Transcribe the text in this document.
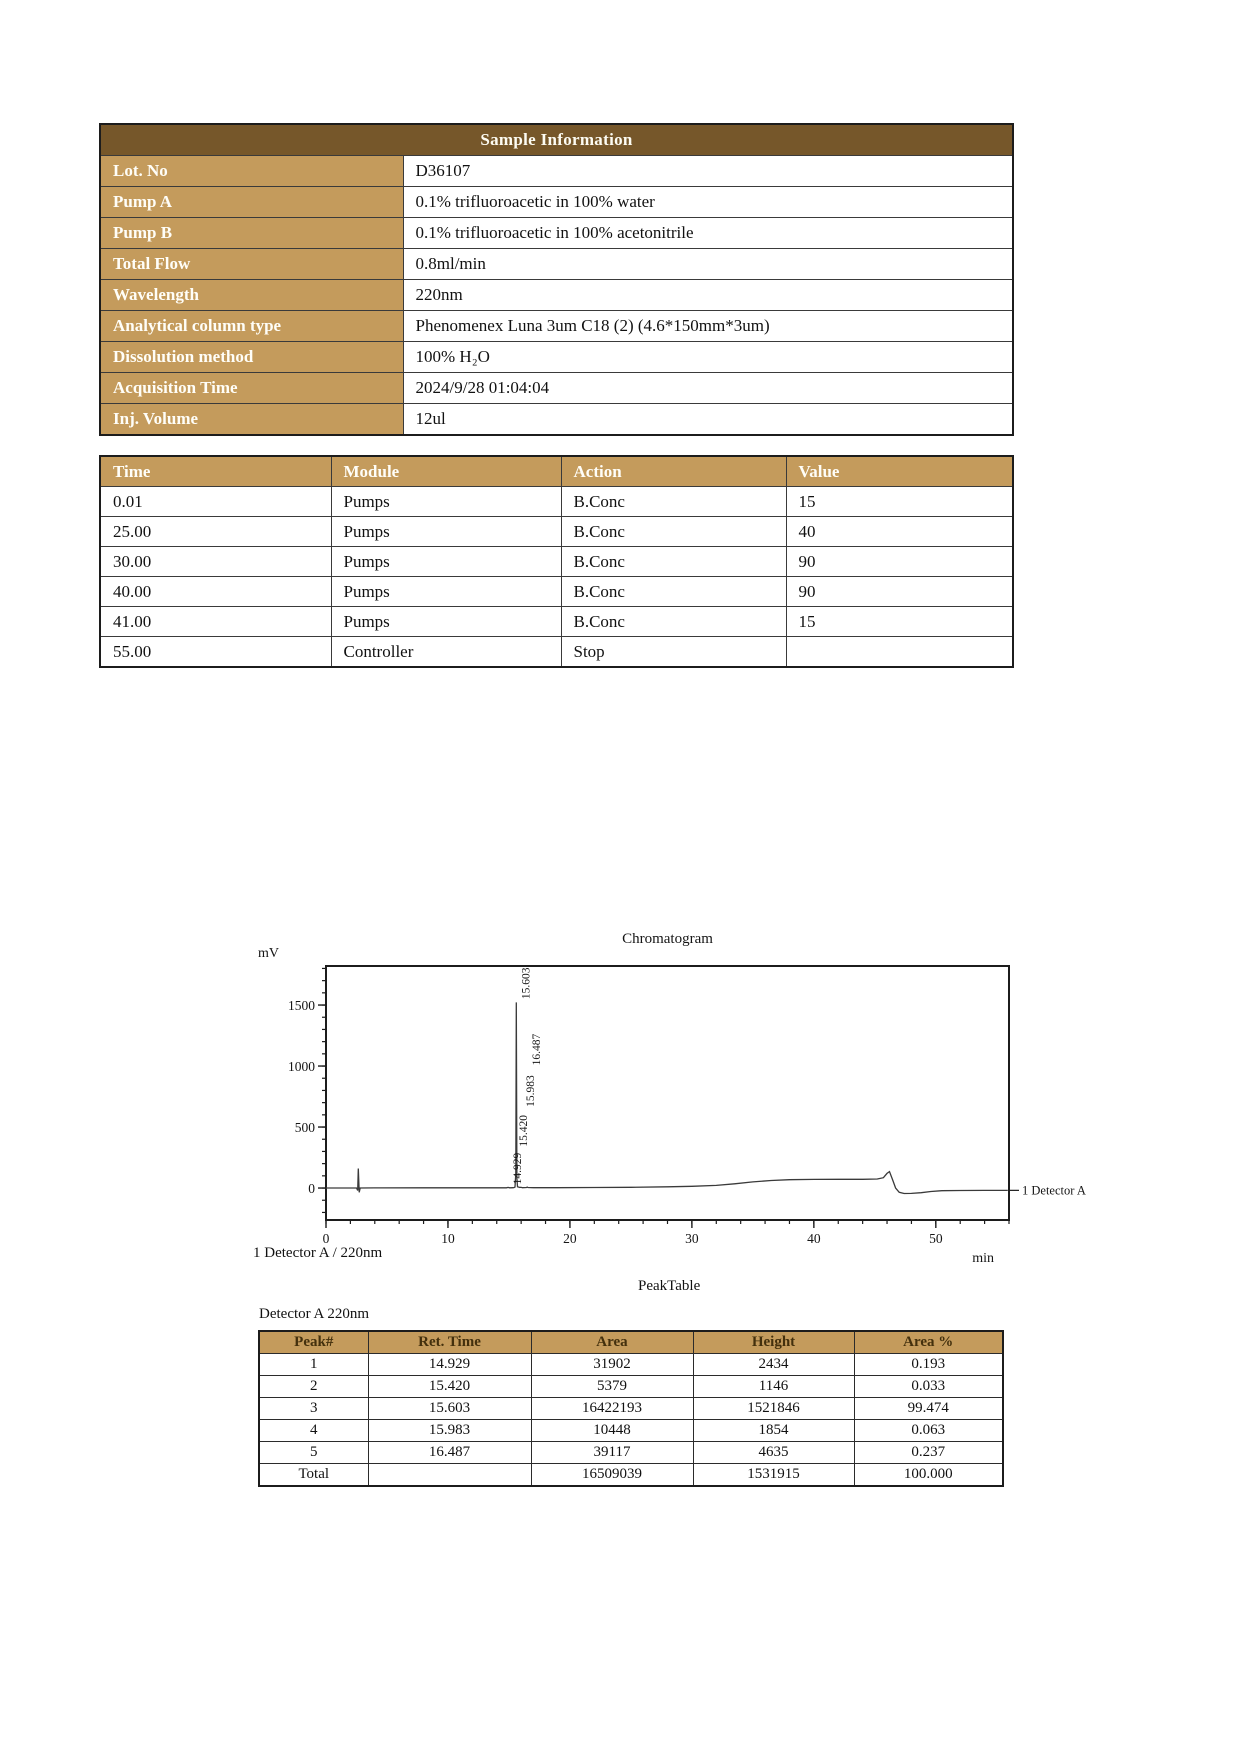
Sample Information	
Lot. No	D36107
Pump A	0.1% trifluoroacetic in 100% water
Pump B	0.1% trifluoroacetic in 100% acetonitrile
Total Flow	0.8ml/min
Wavelength	220nm
Analytical column type	Phenomenex Luna 3um C18 (2) (4.6*150mm*3um)
Dissolution method	100% H₂O
Acquisition Time	2024/9/28 01:04:04
Inj. Volume	12ul
Time	Module	Action	Value
0.01	Pumps	B.Conc	15
25.00	Pumps	B.Conc	40
30.00	Pumps	B.Conc	90
40.00	Pumps	B.Conc	90
41.00	Pumps	B.Conc	15
55.00	Controller	Stop	
Chromatogram
mV
min
0	10	20	30	40	50
0
500
1000
1500
14.929
15.420
15.603
15.983
16.487
1 Detector A
1 Detector A / 220nm
PeakTable
Detector A 220nm
Peak#	Ret. Time	Area	Height	Area %
1	14.929	31902	2434	0.193
2	15.420	5379	1146	0.033
3	15.603	16422193	1521846	99.474
4	15.983	10448	1854	0.063
5	16.487	39117	4635	0.237
Total		16509039	1531915	100.000
